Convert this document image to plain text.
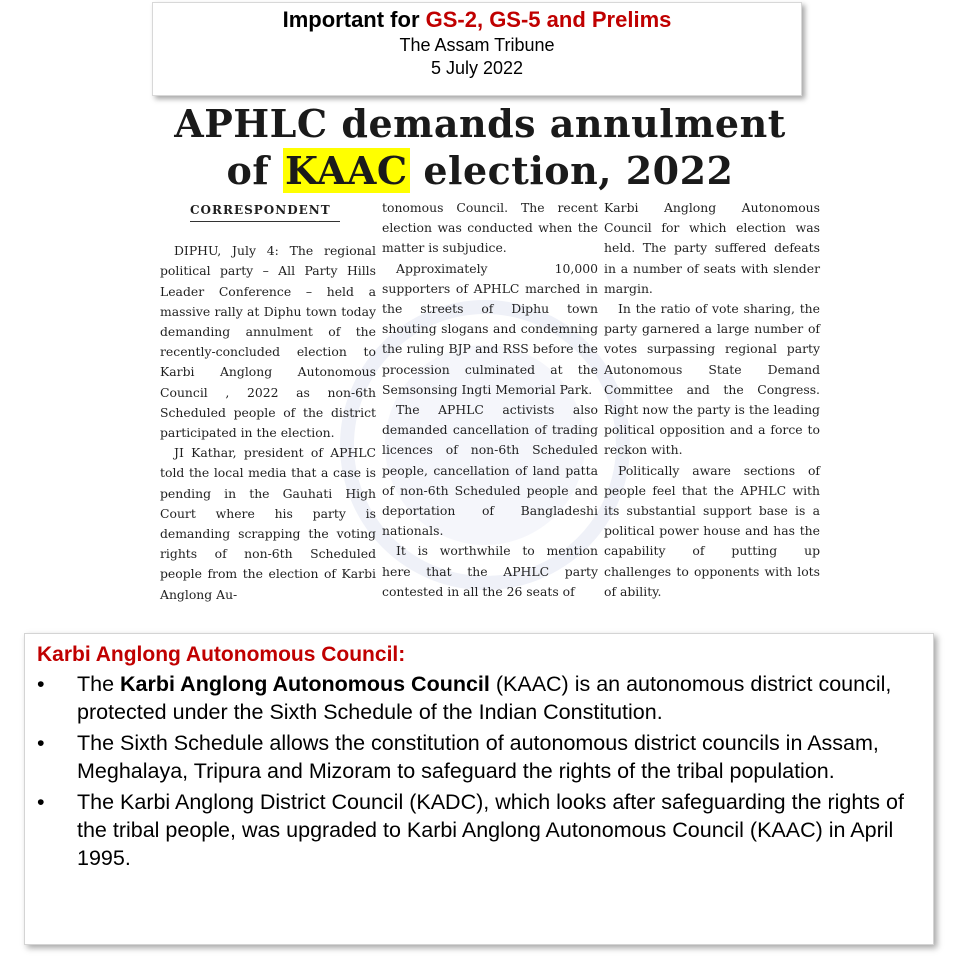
Important for GS-2, GS-5 and Prelims
The Assam Tribune
5 July 2022
APHLC demands annulment
of KAAC election, 2022
CORRESPONDENT

DIPHU, July 4: The regional political party – All Party Hills Leader Conference – held a massive rally at Diphu town today demanding annulment of the recently-concluded election to Karbi Anglong Autonomous Council , 2022 as non-6th Scheduled people of the district participated in the election.

JI Kathar, president of APHLC told the local media that a case is pending in the Gauhati High Court where his party is demanding scrapping the voting rights of non-6th Scheduled people from the election of Karbi Anglong Au-

tonomous Council. The recent election was conducted when the matter is subjudice.

Approximately 10,000 supporters of APHLC marched in the streets of Diphu town shouting slogans and condemning the ruling BJP and RSS before the procession culminated at the Semsonsing Ingti Memorial Park.

The APHLC activists also demanded cancellation of trading licences of non-6th Scheduled people, cancellation of land patta of non-6th Scheduled people and deportation of Bangladeshi nationals.

It is worthwhile to mention here that the APHLC party contested in all the 26 seats of

Karbi Anglong Autonomous Council for which election was held. The party suffered defeats in a number of seats with slender margin.

In the ratio of vote sharing, the party garnered a large number of votes surpassing regional party Autonomous State Demand Committee and the Congress. Right now the party is the leading political opposition and a force to reckon with.

Politically aware sections of people feel that the APHLC with its substantial support base is a political power house and has the capability of putting up challenges to opponents with lots of ability.

Karbi Anglong Autonomous Council:
• The Karbi Anglong Autonomous Council (KAAC) is an autonomous district council, protected under the Sixth Schedule of the Indian Constitution.
• The Sixth Schedule allows the constitution of autonomous district councils in Assam, Meghalaya, Tripura and Mizoram to safeguard the rights of the tribal population.
• The Karbi Anglong District Council (KADC), which looks after safeguarding the rights of the tribal people, was upgraded to Karbi Anglong Autonomous Council (KAAC) in April 1995.
